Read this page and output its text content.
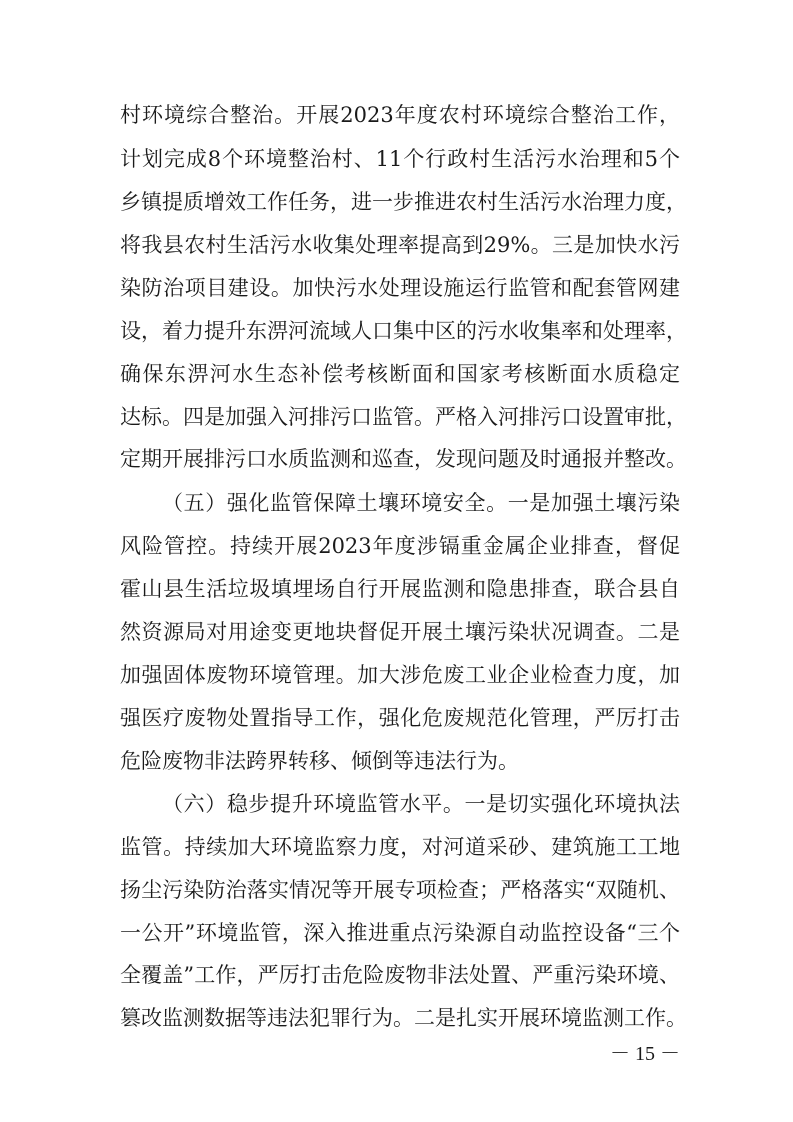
村环境综合整治。开展2023年度农村环境综合整治工作，
计划完成8个环境整治村、11个行政村生活污水治理和5个
乡镇提质增效工作任务，进一步推进农村生活污水治理力度，
将我县农村生活污水收集处理率提高到29%。三是加快水污
染防治项目建设。加快污水处理设施运行监管和配套管网建
设，着力提升东淠河流域人口集中区的污水收集率和处理率，
确保东淠河水生态补偿考核断面和国家考核断面水质稳定
达标。四是加强入河排污口监管。严格入河排污口设置审批，
定期开展排污口水质监测和巡查，发现问题及时通报并整改。
（五）强化监管保障土壤环境安全。一是加强土壤污染
风险管控。持续开展2023年度涉镉重金属企业排查，督促
霍山县生活垃圾填埋场自行开展监测和隐患排查，联合县自
然资源局对用途变更地块督促开展土壤污染状况调查。二是
加强固体废物环境管理。加大涉危废工业企业检查力度，加
强医疗废物处置指导工作，强化危废规范化管理，严厉打击
危险废物非法跨界转移、倾倒等违法行为。
（六）稳步提升环境监管水平。一是切实强化环境执法
监管。持续加大环境监察力度，对河道采砂、建筑施工工地
扬尘污染防治落实情况等开展专项检查；严格落实“双随机、
一公开”环境监管，深入推进重点污染源自动监控设备“三个
全覆盖”工作，严厉打击危险废物非法处置、严重污染环境、
篡改监测数据等违法犯罪行为。二是扎实开展环境监测工作。
－ 15 －
